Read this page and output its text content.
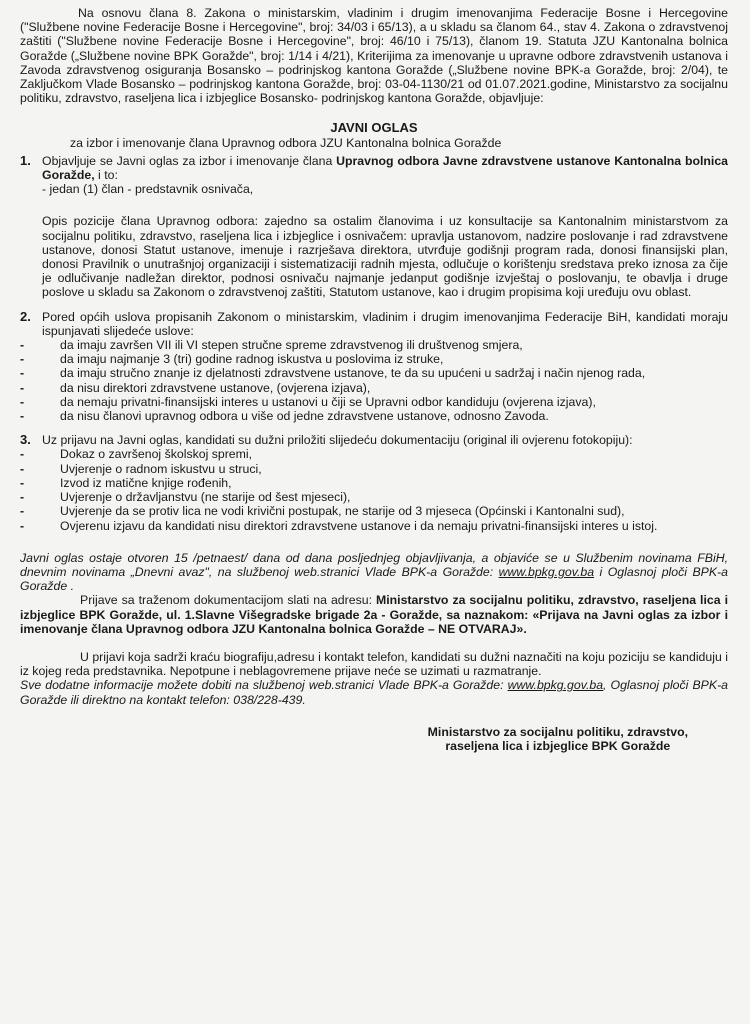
Na osnovu člana 8. Zakona o ministarskim, vladinim i drugim imenovanjima Federacije Bosne i Hercegovine ("Službene novine Federacije Bosne i Hercegovine", broj: 34/03 i 65/13), a u skladu sa članom 64., stav 4. Zakona o zdravstvenoj zaštiti ("Službene novine Federacije Bosne i Hercegovine", broj: 46/10 i 75/13), članom 19. Statuta JZU Kantonalna bolnica Goražde („Službene novine BPK Goražde", broj: 1/14 i 4/21), Kriterijima za imenovanje u upravne odbore zdravstvenih ustanova i Zavoda zdravstvenog osiguranja Bosansko – podrinjskog kantona Goražde („Službene novine BPK-a Goražde, broj: 2/04), te Zaključkom Vlade Bosansko – podrinjskog kantona Goražde, broj: 03-04-1130/21 od 01.07.2021.godine, Ministarstvo za socijalnu politiku, zdravstvo, raseljena lica i izbjeglice Bosansko- podrinjskog kantona Goražde, objavljuje:

JAVNI OGLAS
za izbor i imenovanje člana Upravnog odbora JZU Kantonalna bolnica Goražde
1. Objavljuje se Javni oglas za izbor i imenovanje člana Upravnog odbora Javne zdravstvene ustanove Kantonalna bolnica Goražde, i to:

- jedan (1) član - predstavnik osnivača,

Opis pozicije člana Upravnog odbora: zajedno sa ostalim članovima i uz konsultacije sa Kantonalnim ministarstvom za socijalnu politiku, zdravstvo, raseljena lica i izbjeglice i osnivačem: upravlja ustanovom, nadzire poslovanje i rad zdravstvene ustanove, donosi Statut ustanove, imenuje i razrješava direktora, utvrđuje godišnji program rada, donosi finansijski plan, donosi Pravilnik o unutrašnjoj organizaciji i sistematizaciji radnih mjesta, odlučuje o korištenju sredstava preko iznosa za čije je odlučivanje nadležan direktor, podnosi osnivaču najmanje jedanput godišnje izvještaj o poslovanju, te obavlja i druge poslove u skladu sa Zakonom o zdravstvenoj zaštiti, Statutom ustanove, kao i drugim propisima koji uređuju ovu oblast.

2. Pored općih uslova propisanih Zakonom o ministarskim, vladinim i drugim imenovanjima Federacije BiH, kandidati moraju ispunjavati slijedeće uslove:

- da imaju završen VII ili VI stepen stručne spreme zdravstvenog ili društvenog smjera,
- da imaju najmanje 3 (tri) godine radnog iskustva u poslovima iz struke,
- da imaju stručno znanje iz djelatnosti zdravstvene ustanove, te da su upućeni u sadržaj i način njenog rada,
- da nisu direktori zdravstvene ustanove, (ovjerena izjava),
- da nemaju privatni-finansijski interes u ustanovi u čiji se Upravni odbor kandiduju (ovjerena izjava),
- da nisu članovi upravnog odbora u više od jedne zdravstvene ustanove, odnosno Zavoda.
3. Uz prijavu na Javni oglas, kandidati su dužni priložiti slijedeću dokumentaciju (original ili ovjerenu fotokopiju):

- Dokaz o završenoj školskoj spremi,
- Uvjerenje o radnom iskustvu u struci,
- Izvod iz matične knjige rođenih,
- Uvjerenje o državljanstvu (ne starije od šest mjeseci),
- Uvjerenje da se protiv lica ne vodi krivični postupak, ne starije od 3 mjeseca (Općinski i Kantonalni sud),
- Ovjerenu izjavu da kandidati nisu direktori zdravstvene ustanove i da nemaju privatni-finansijski interes u istoj.

Javni oglas ostaje otvoren 15 /petnaest/ dana od dana posljednjeg objavljivanja, a objaviće se u Službenim novinama FBiH, dnevnim novinama „Dnevni avaz", na službenoj web.stranici Vlade BPK-a Goražde: www.bpkg.gov.ba i Oglasnoj ploči BPK-a Goražde .

Prijave sa traženom dokumentacijom slati na adresu: Ministarstvo za socijalnu politiku, zdravstvo, raseljena lica i izbjeglice BPK Goražde, ul. 1.Slavne Višegradske brigade 2a - Goražde, sa naznakom: «Prijava na Javni oglas za izbor i imenovanje člana Upravnog odbora JZU Kantonalna bolnica Goražde – NE OTVARAJ».

U prijavi koja sadrži kraću biografiju,adresu i kontakt telefon, kandidati su dužni naznačiti na koju poziciju se kandiduju i iz kojeg reda predstavnika. Nepotpune i neblagovremene prijave neće se uzimati u razmatranje.

Sve dodatne informacije možete dobiti na službenoj web.stranici Vlade BPK-a Goražde: www.bpkg.gov.ba, Oglasnoj ploči BPK-a Goražde ili direktno na kontakt telefon: 038/228-439.

Ministarstvo za socijalnu politiku, zdravstvo,
raseljena lica i izbjeglice BPK Goražde
